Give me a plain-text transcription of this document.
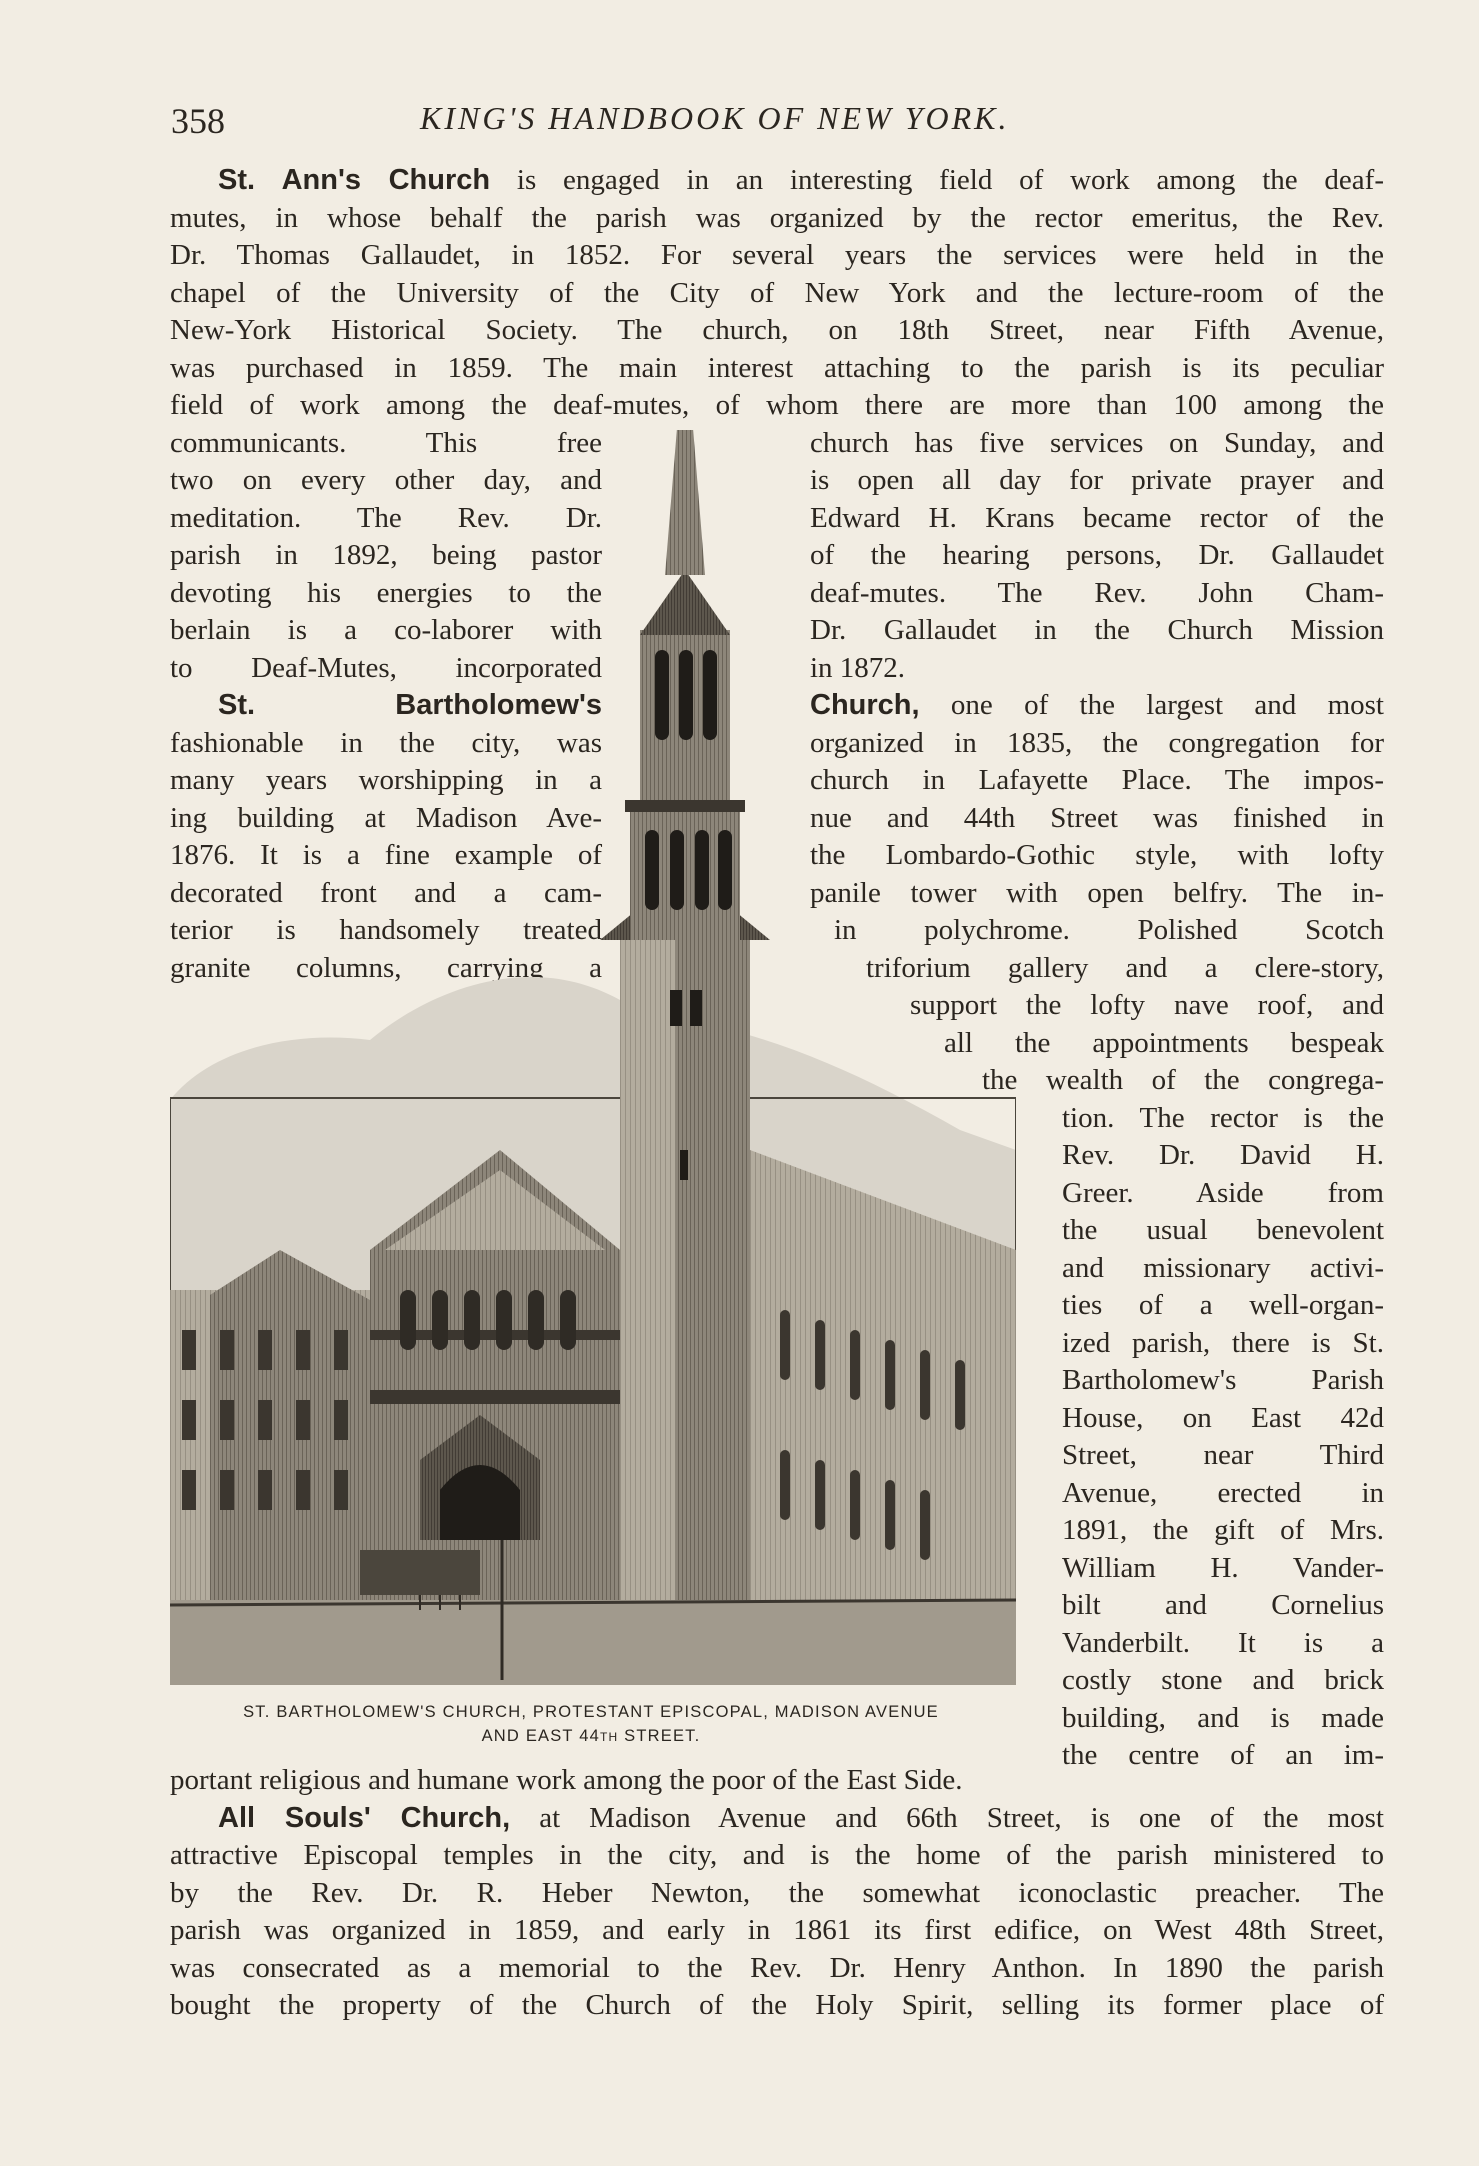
358	KING'S HANDBOOK OF NEW YORK.
St. Ann's Church is engaged in an interesting field of work among the deaf-
mutes, in whose behalf the parish was organized by the rector emeritus, the Rev.
Dr. Thomas Gallaudet, in 1852. For several years the services were held in the
chapel of the University of the City of New York and the lecture-room of the
New-York Historical Society. The church, on 18th Street, near Fifth Avenue,
was purchased in 1859. The main interest attaching to the parish is its peculiar
field of work among the deaf-mutes, of whom there are more than 100 among the
communicants. This free
two on every other day, and
meditation. The Rev. Dr.
parish in 1892, being pastor
devoting his energies to the
berlain is a co-laborer with
to Deaf-Mutes, incorporated
St. Bartholomew's
fashionable in the city, was
many years worshipping in a
ing building at Madison Ave-
1876. It is a fine example of
decorated front and a cam-
terior is handsomely treated
granite columns, carrying a
church has five services on Sunday, and
is open all day for private prayer and
Edward H. Krans became rector of the
of the hearing persons, Dr. Gallaudet
deaf-mutes. The Rev. John Cham-
Dr. Gallaudet in the Church Mission
in 1872.
Church, one of the largest and most
organized in 1835, the congregation for
church in Lafayette Place. The impos-
nue and 44th Street was finished in
the Lombardo-Gothic style, with lofty
panile tower with open belfry. The in-
in polychrome. Polished Scotch
triforium gallery and a clere-story,
support the lofty nave roof, and
all the appointments bespeak
the wealth of the congrega-
tion. The rector is the
Rev. Dr. David H.
Greer. Aside from
the usual benevolent
and missionary activi-
ties of a well-organ-
ized parish, there is St.
Bartholomew's Parish
House, on East 42d
Street, near Third
Avenue, erected in
1891, the gift of Mrs.
William H. Vander-
bilt and Cornelius
Vanderbilt. It is a
costly stone and brick
building, and is made
the centre of an im-
portant religious and humane work among the poor of the East Side.
All Souls' Church, at Madison Avenue and 66th Street, is one of the most
attractive Episcopal temples in the city, and is the home of the parish ministered to
by the Rev. Dr. R. Heber Newton, the somewhat iconoclastic preacher. The
parish was organized in 1859, and early in 1861 its first edifice, on West 48th Street,
was consecrated as a memorial to the Rev. Dr. Henry Anthon. In 1890 the parish
bought the property of the Church of the Holy Spirit, selling its former place of
ST. BARTHOLOMEW'S CHURCH, PROTESTANT EPISCOPAL, MADISON AVENUE
AND EAST 44TH STREET.
